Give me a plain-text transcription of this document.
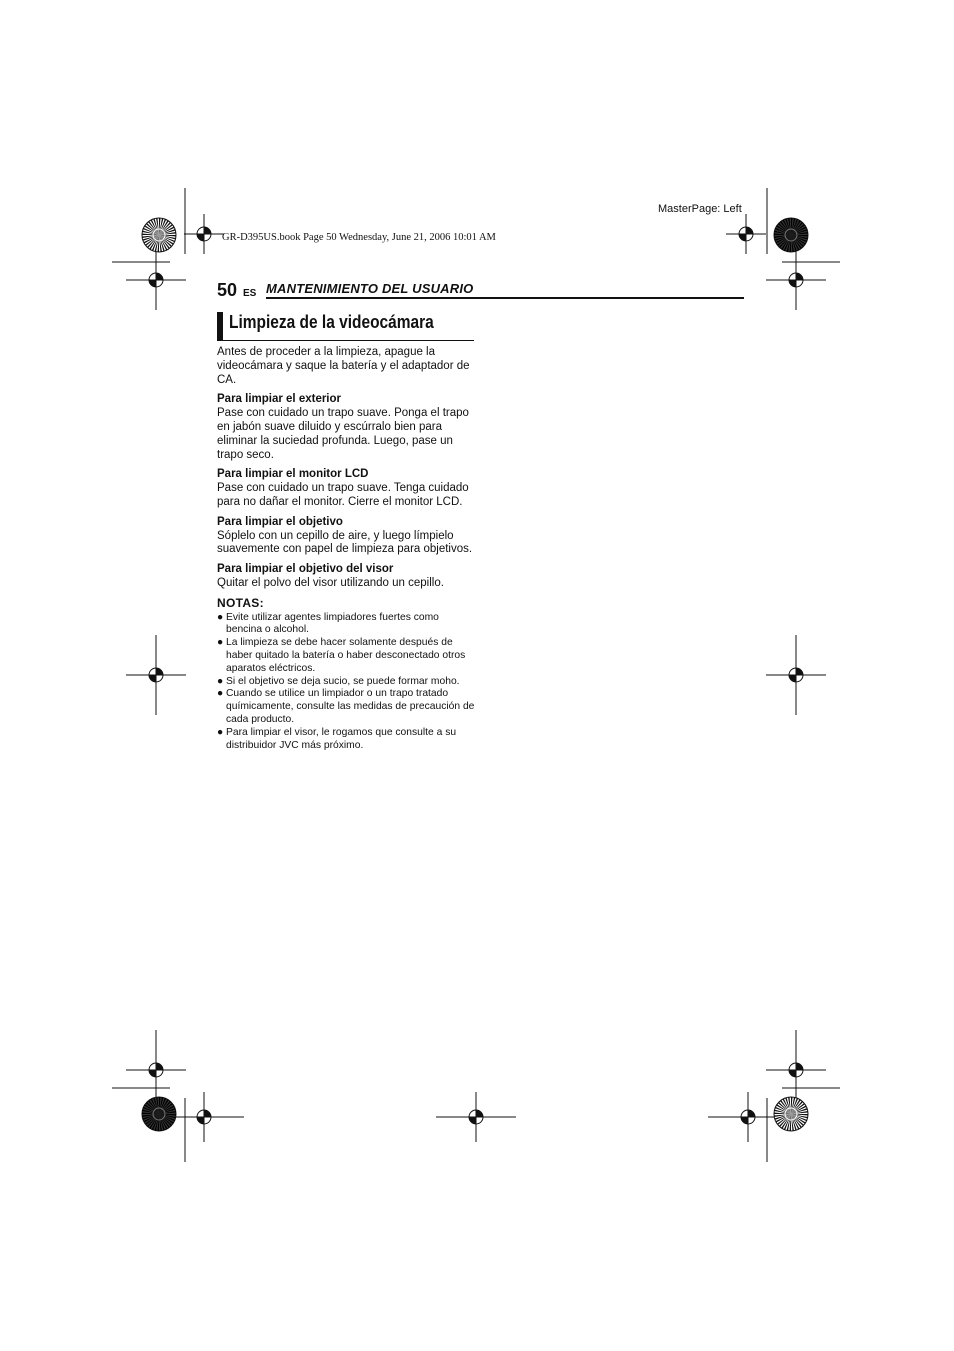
MasterPage: Left
GR-D395US.book Page 50 Wednesday, June 21, 2006 10:01 AM
50 ES MANTENIMIENTO DEL USUARIO
Limpieza de la videocámara

Antes de proceder a la limpieza, apague la videocámara y saque la batería y el adaptador de CA.

Para limpiar el exterior
Pase con cuidado un trapo suave. Ponga el trapo en jabón suave diluido y escúrralo bien para eliminar la suciedad profunda. Luego, pase un trapo seco.

Para limpiar el monitor LCD
Pase con cuidado un trapo suave. Tenga cuidado para no dañar el monitor. Cierre el monitor LCD.

Para limpiar el objetivo
Sóplelo con un cepillo de aire, y luego límpielo suavemente con papel de limpieza para objetivos.

Para limpiar el objetivo del visor
Quitar el polvo del visor utilizando un cepillo.

NOTAS:
● Evite utilizar agentes limpiadores fuertes como bencina o alcohol.
● La limpieza se debe hacer solamente después de haber quitado la batería o haber desconectado otros aparatos eléctricos.
● Si el objetivo se deja sucio, se puede formar moho.
● Cuando se utilice un limpiador o un trapo tratado químicamente, consulte las medidas de precaución de cada producto.
● Para limpiar el visor, le rogamos que consulte a su distribuidor JVC más próximo.
